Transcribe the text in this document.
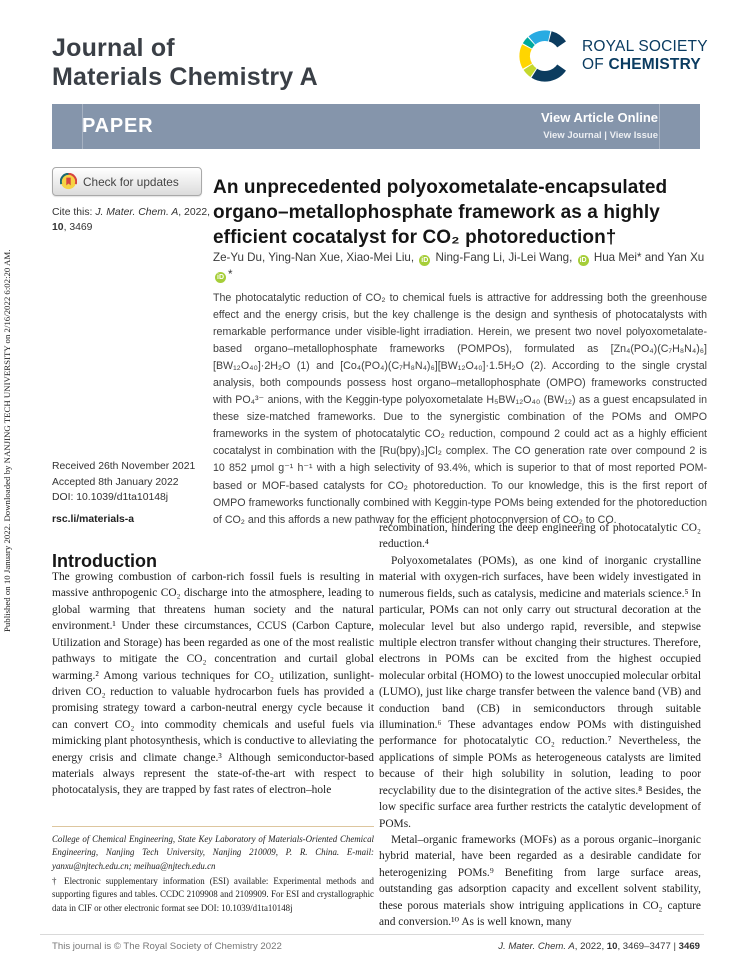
Published on 10 January 2022. Downloaded by NANJING TECH UNIVERSITY on 2/16/2022 6:02:20 AM.
Journal of
Materials Chemistry A
ROYAL SOCIETY
OF CHEMISTRY
PAPER	View Article Online
View Journal | View Issue
Check for updates
Cite this: J. Mater. Chem. A, 2022, 10, 3469
Received 26th November 2021
Accepted 8th January 2022
DOI: 10.1039/d1ta10148j
rsc.li/materials-a
An unprecedented polyoxometalate-encapsulated organo–metallophosphate framework as a highly efficient cocatalyst for CO₂ photoreduction†
Ze-Yu Du, Ying-Nan Xue, Xiao-Mei Liu, iD Ning-Fang Li, Ji-Lei Wang, iD Hua Mei* and Yan Xu iD *
The photocatalytic reduction of CO₂ to chemical fuels is attractive for addressing both the greenhouse effect and the energy crisis, but the key challenge is the design and synthesis of photocatalysts with remarkable performance under visible-light irradiation. Herein, we present two novel polyoxometalate-based organo–metallophosphate frameworks (POMPOs), formulated as [Zn₄(PO₄)(C₇H₈N₄)₆][BW₁₂O₄₀]·2H₂O (1) and [Co₄(PO₄)(C₇H₈N₄)₆][BW₁₂O₄₀]·1.5H₂O (2). According to the single crystal analysis, both compounds possess host organo–metallophosphate (OMPO) frameworks constructed with PO₄³⁻ anions, with the Keggin-type polyoxometalate H₅BW₁₂O₄₀ (BW₁₂) as a guest encapsulated in these size-matched frameworks. Due to the synergistic combination of the POMs and OMPO frameworks in the system of photocatalytic CO₂ reduction, compound 2 could act as a highly efficient cocatalyst in combination with the [Ru(bpy)₃]Cl₂ complex. The CO generation rate over compound 2 is 10 852 μmol g⁻¹ h⁻¹ with a high selectivity of 93.4%, which is superior to that of most reported POM-based or MOF-based catalysts for CO₂ photoreduction. To our knowledge, this is the first report of OMPO frameworks functionally combined with Keggin-type POMs being extended for the photoreduction of CO₂ and this affords a new pathway for the efficient photoconversion of CO₂ to CO.
Introduction

The growing combustion of carbon-rich fossil fuels is resulting in massive anthropogenic CO₂ discharge into the atmosphere, leading to global warming that threatens human society and the natural environment.¹ Under these circumstances, CCUS (Carbon Capture, Utilization and Storage) has been regarded as one of the most realistic pathways to mitigate the CO₂ concentration and curtail global warming.² Among various techniques for CO₂ utilization, sunlight-driven CO₂ reduction to valuable hydrocarbon fuels has provided a promising strategy toward a carbon-neutral energy cycle because it can convert CO₂ into commodity chemicals and useful fuels via mimicking plant photosynthesis, which is conductive to alleviating the energy crisis and climate change.³ Although semiconductor-based materials always represent the state-of-the-art with respect to photocatalysis, they are trapped by fast rates of electron–hole

recombination, hindering the deep engineering of photocatalytic CO₂ reduction.⁴

Polyoxometalates (POMs), as one kind of inorganic crystalline material with oxygen-rich surfaces, have been widely investigated in numerous fields, such as catalysis, medicine and materials science.⁵ In particular, POMs can not only carry out structural decoration at the molecular level but also undergo rapid, reversible, and stepwise multiple electron transfer without changing their structures. Therefore, electrons in POMs can be excited from the highest occupied molecular orbital (HOMO) to the lowest unoccupied molecular orbital (LUMO), just like charge transfer between the valence band (VB) and conduction band (CB) in semiconductors through suitable illumination.⁶ These advantages endow POMs with distinguished performance for photocatalytic CO₂ reduction.⁷ Nevertheless, the applications of simple POMs as heterogeneous catalysts are limited because of their high solubility in solution, leading to poor recyclability due to the disintegration of the active sites.⁸ Besides, the low specific surface area further restricts the catalytic development of POMs.

Metal–organic frameworks (MOFs) as a porous organic–inorganic hybrid material, have been regarded as a desirable candidate for heterogenizing POMs.⁹ Benefiting from large surface areas, outstanding gas adsorption capacity and excellent solvent stability, these porous materials show intriguing applications in CO₂ capture and conversion.¹⁰ As is well known, many

College of Chemical Engineering, State Key Laboratory of Materials-Oriented Chemical Engineering, Nanjing Tech University, Nanjing 210009, P. R. China. E-mail: yanxu@njtech.edu.cn; meihua@njtech.edu.cn

† Electronic supplementary information (ESI) available: Experimental methods and supporting figures and tables. CCDC 2109908 and 2109909. For ESI and crystallographic data in CIF or other electronic format see DOI: 10.1039/d1ta10148j

This journal is © The Royal Society of Chemistry 2022	J. Mater. Chem. A, 2022, 10, 3469–3477 | 3469
